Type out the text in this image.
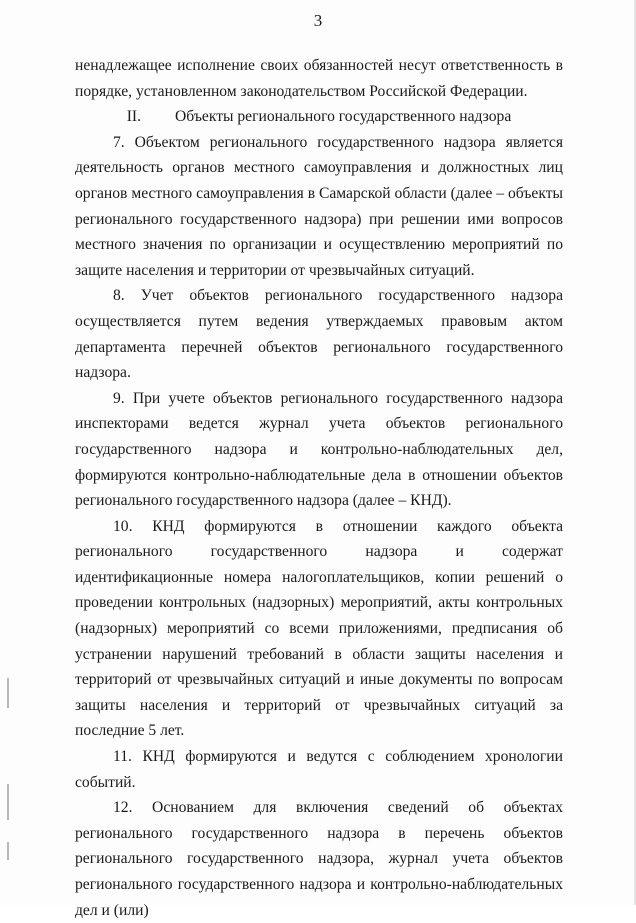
3

ненадлежащее исполнение своих обязанностей несут ответственность в порядке, установленном законодательством Российской Федерации.

II. Объекты регионального государственного надзора

7. Объектом регионального государственного надзора является деятельность органов местного самоуправления и должностных лиц органов местного самоуправления в Самарской области (далее – объекты регионального государственного надзора) при решении ими вопросов местного значения по организации и осуществлению мероприятий по защите населения и территории от чрезвычайных ситуаций.

8. Учет объектов регионального государственного надзора осуществляется путем ведения утверждаемых правовым актом департамента перечней объектов регионального государственного надзора.

9. При учете объектов регионального государственного надзора инспекторами ведется журнал учета объектов регионального государственного надзора и контрольно-наблюдательных дел, формируются контрольно-наблюдательные дела в отношении объектов регионального государственного надзора (далее – КНД).

10. КНД формируются в отношении каждого объекта регионального государственного надзора и содержат идентификационные номера налогоплательщиков, копии решений о проведении контрольных (надзорных) мероприятий, акты контрольных (надзорных) мероприятий со всеми приложениями, предписания об устранении нарушений требований в области защиты населения и территорий от чрезвычайных ситуаций и иные документы по вопросам защиты населения и территорий от чрезвычайных ситуаций за последние 5 лет.

11. КНД формируются и ведутся с соблюдением хронологии событий.

12. Основанием для включения сведений об объектах регионального государственного надзора в перечень объектов регионального государственного надзора, журнал учета объектов регионального государственного надзора и контрольно-наблюдательных дел и (или)
